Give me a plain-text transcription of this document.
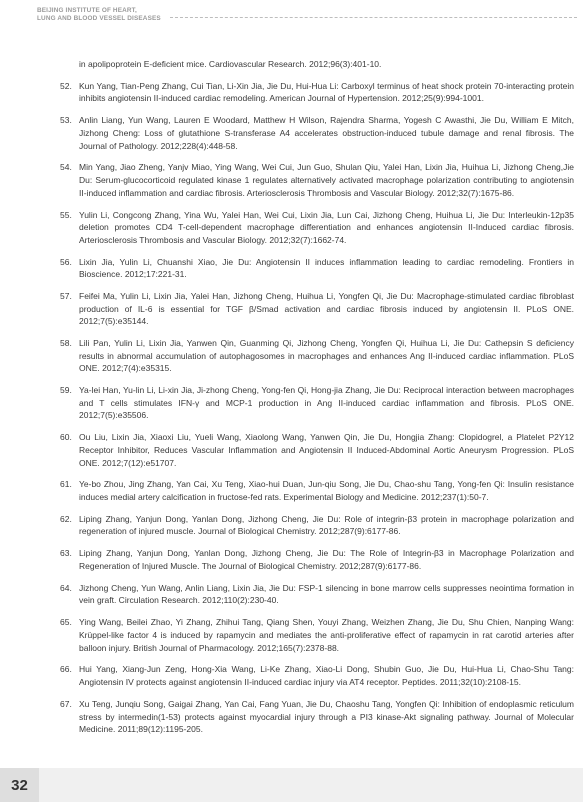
BEIJING INSTITUTE OF HEART,
LUNG AND BLOOD VESSEL DISEASES
in apolipoprotein E-deficient mice. Cardiovascular Research. 2012;96(3):401-10.
52. Kun Yang, Tian-Peng Zhang, Cui Tian, Li-Xin Jia, Jie Du, Hui-Hua Li: Carboxyl terminus of heat shock protein 70-interacting protein inhibits angiotensin II-induced cardiac remodeling. American Journal of Hypertension. 2012;25(9):994-1001.
53. Anlin Liang, Yun Wang, Lauren E Woodard, Matthew H Wilson, Rajendra Sharma, Yogesh C Awasthi, Jie Du, William E Mitch, Jizhong Cheng: Loss of glutathione S-transferase A4 accelerates obstruction-induced tubule damage and renal fibrosis. The Journal of Pathology. 2012;228(4):448-58.
54. Min Yang, Jiao Zheng, Yanjv Miao, Ying Wang, Wei Cui, Jun Guo, Shulan Qiu, Yalei Han, Lixin Jia, Huihua Li, Jizhong Cheng,Jie Du: Serum-glucocorticoid regulated kinase 1 regulates alternatively activated macrophage polarization contributing to angiotensin II-induced inflammation and cardiac fibrosis. Arteriosclerosis Thrombosis and Vascular Biology. 2012;32(7):1675-86.
55. Yulin Li, Congcong Zhang, Yina Wu, Yalei Han, Wei Cui, Lixin Jia, Lun Cai, Jizhong Cheng, Huihua Li, Jie Du: Interleukin-12p35 deletion promotes CD4 T-cell-dependent macrophage differentiation and enhances angiotensin II-Induced cardiac fibrosis. Arteriosclerosis Thrombosis and Vascular Biology. 2012;32(7):1662-74.
56. Lixin Jia, Yulin Li, Chuanshi Xiao, Jie Du: Angiotensin II induces inflammation leading to cardiac remodeling. Frontiers in Bioscience. 2012;17:221-31.
57. Feifei Ma, Yulin Li, Lixin Jia, Yalei Han, Jizhong Cheng, Huihua Li, Yongfen Qi, Jie Du: Macrophage-stimulated cardiac fibroblast production of IL-6 is essential for TGF β/Smad activation and cardiac fibrosis induced by angiotensin II. PLoS ONE. 2012;7(5):e35144.
58. Lili Pan, Yulin Li, Lixin Jia, Yanwen Qin, Guanming Qi, Jizhong Cheng, Yongfen Qi, Huihua Li, Jie Du: Cathepsin S deficiency results in abnormal accumulation of autophagosomes in macrophages and enhances Ang II-induced cardiac inflammation. PLoS ONE. 2012;7(4):e35315.
59. Ya-lei Han, Yu-lin Li, Li-xin Jia, Ji-zhong Cheng, Yong-fen Qi, Hong-jia Zhang, Jie Du: Reciprocal interaction between macrophages and T cells stimulates IFN-γ and MCP-1 production in Ang II-induced cardiac inflammation and fibrosis. PLoS ONE. 2012;7(5):e35506.
60. Ou Liu, Lixin Jia, Xiaoxi Liu, Yueli Wang, Xiaolong Wang, Yanwen Qin, Jie Du, Hongjia Zhang: Clopidogrel, a Platelet P2Y12 Receptor Inhibitor, Reduces Vascular Inflammation and Angiotensin II Induced-Abdominal Aortic Aneurysm Progression. PLoS ONE. 2012;7(12):e51707.
61. Ye-bo Zhou, Jing Zhang, Yan Cai, Xu Teng, Xiao-hui Duan, Jun-qiu Song, Jie Du, Chao-shu Tang, Yong-fen Qi: Insulin resistance induces medial artery calcification in fructose-fed rats. Experimental Biology and Medicine. 2012;237(1):50-7.
62. Liping Zhang, Yanjun Dong, Yanlan Dong, Jizhong Cheng, Jie Du: Role of integrin-β3 protein in macrophage polarization and regeneration of injured muscle. Journal of Biological Chemistry. 2012;287(9):6177-86.
63. Liping Zhang, Yanjun Dong, Yanlan Dong, Jizhong Cheng, Jie Du: The Role of Integrin-β3 in Macrophage Polarization and Regeneration of Injured Muscle. The Journal of Biological Chemistry. 2012;287(9):6177-86.
64. Jizhong Cheng, Yun Wang, Anlin Liang, Lixin Jia, Jie Du: FSP-1 silencing in bone marrow cells suppresses neointima formation in vein graft. Circulation Research. 2012;110(2):230-40.
65. Ying Wang, Beilei Zhao, Yi Zhang, Zhihui Tang, Qiang Shen, Youyi Zhang, Weizhen Zhang, Jie Du, Shu Chien, Nanping Wang: Krüppel-like factor 4 is induced by rapamycin and mediates the anti-proliferative effect of rapamycin in rat carotid arteries after balloon injury. British Journal of Pharmacology. 2012;165(7):2378-88.
66. Hui Yang, Xiang-Jun Zeng, Hong-Xia Wang, Li-Ke Zhang, Xiao-Li Dong, Shubin Guo, Jie Du, Hui-Hua Li, Chao-Shu Tang: Angiotensin IV protects against angiotensin II-induced cardiac injury via AT4 receptor. Peptides. 2011;32(10):2108-15.
67. Xu Teng, Junqiu Song, Gaigai Zhang, Yan Cai, Fang Yuan, Jie Du, Chaoshu Tang, Yongfen Qi: Inhibition of endoplasmic reticulum stress by intermedin(1-53) protects against myocardial injury through a PI3 kinase-Akt signaling pathway. Journal of Molecular Medicine. 2011;89(12):1195-205.
32
